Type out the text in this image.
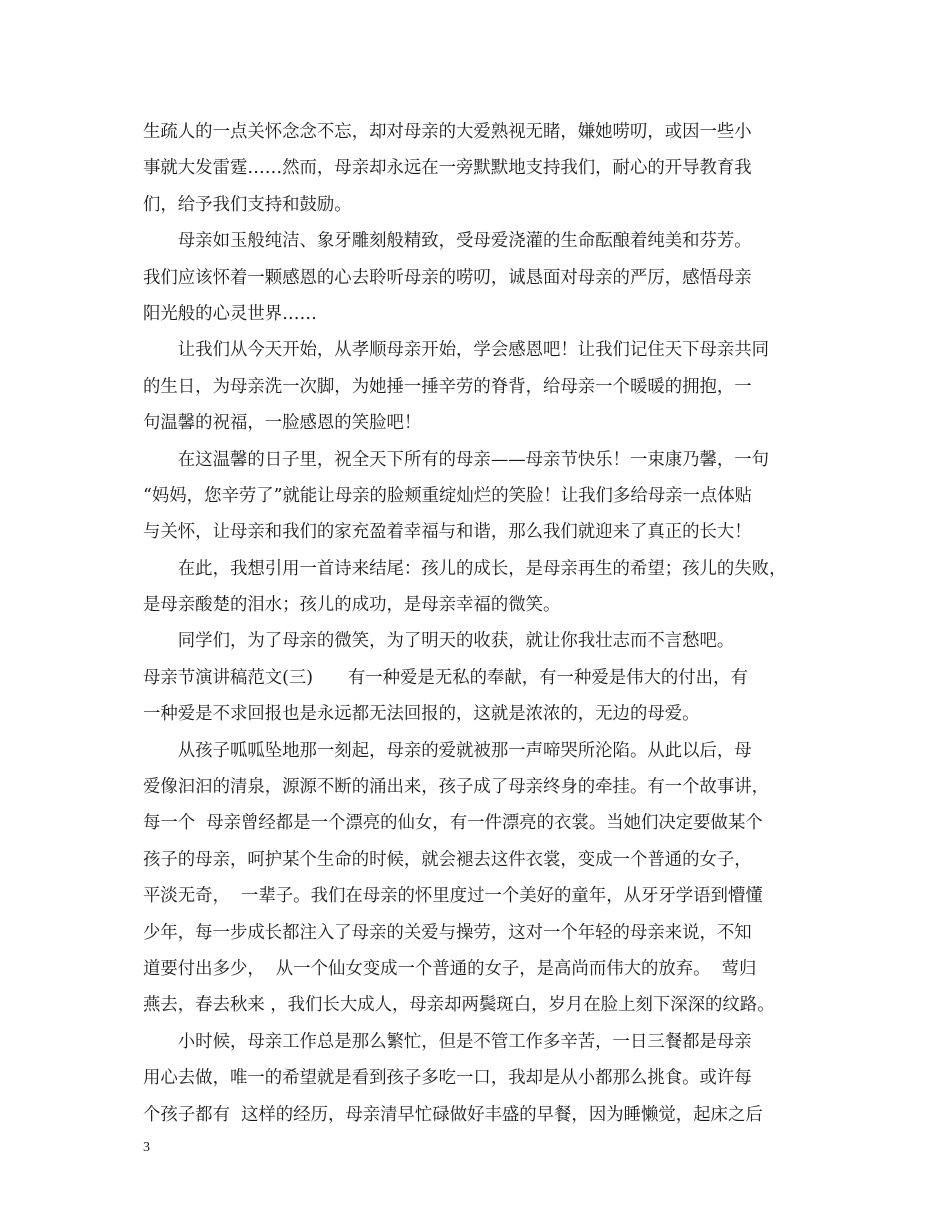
生疏人的一点关怀念念不忘，却对母亲的大爱熟视无睹，嫌她唠叨，或因一些小
事就大发雷霆……然而，母亲却永远在一旁默默地支持我们，耐心的开导教育我
们，给予我们支持和鼓励。
　　母亲如玉般纯洁、象牙雕刻般精致，受母爱浇灌的生命酝酿着纯美和芬芳。
我们应该怀着一颗感恩的心去聆听母亲的唠叨，诚恳面对母亲的严厉，感悟母亲
阳光般的心灵世界……
　　让我们从今天开始，从孝顺母亲开始，学会感恩吧！让我们记住天下母亲共同
的生日，为母亲洗一次脚，为她捶一捶辛劳的脊背，给母亲一个暖暖的拥抱，一
句温馨的祝福，一脸感恩的笑脸吧！
　　在这温馨的日子里，祝全天下所有的母亲——母亲节快乐！一束康乃馨，一句
“妈妈，您辛劳了”就能让母亲的脸颊重绽灿烂的笑脸！让我们多给母亲一点体贴
与关怀，让母亲和我们的家充盈着幸福与和谐，那么我们就迎来了真正的长大！
　　在此，我想引用一首诗来结尾：孩儿的成长，是母亲再生的希望；孩儿的失败，
是母亲酸楚的泪水；孩儿的成功，是母亲幸福的微笑。
　　同学们，为了母亲的微笑，为了明天的收获，就让你我壮志而不言愁吧。
母亲节演讲稿范文(三)　　有一种爱是无私的奉献，有一种爱是伟大的付出，有
一种爱是不求回报也是永远都无法回报的，这就是浓浓的，无边的母爱。
　　从孩子呱呱坠地那一刻起，母亲的爱就被那一声啼哭所沦陷。从此以后，母
爱像汩汩的清泉，源源不断的涌出来，孩子成了母亲终身的牵挂。有一个故事讲，
每一个  母亲曾经都是一个漂亮的仙女，有一件漂亮的衣裳。当她们决定要做某个
孩子的母亲，呵护某个生命的时候，就会褪去这件衣裳，变成一个普通的女子，
平淡无奇，  一辈子。我们在母亲的怀里度过一个美好的童年，从牙牙学语到懵懂
少年，每一步成长都注入了母亲的关爱与操劳，这对一个年轻的母亲来说，不知
道要付出多少，  从一个仙女变成一个普通的女子，是高尚而伟大的放弃。  莺归
燕去，春去秋来 ，我们长大成人，母亲却两鬓斑白，岁月在脸上刻下深深的纹路。
　　小时候，母亲工作总是那么繁忙，但是不管工作多辛苦，一日三餐都是母亲
用心去做，唯一的希望就是看到孩子多吃一口，我却是从小都那么挑食。或许每
个孩子都有  这样的经历，母亲清早忙碌做好丰盛的早餐，因为睡懒觉，起床之后
3
